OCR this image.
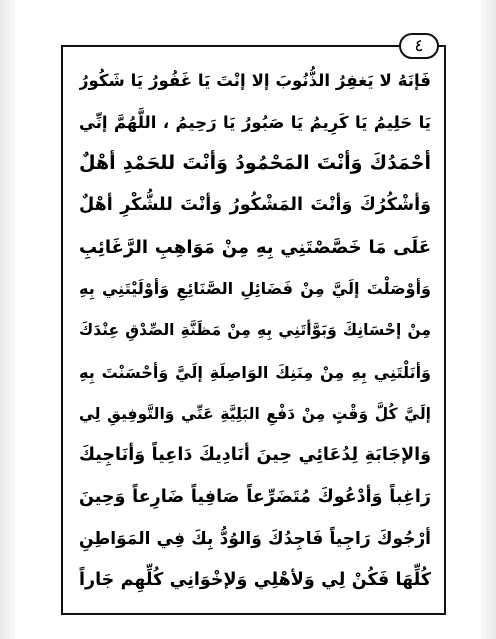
٤
فَإنَهُ لا يَغفِرُ الذُّنُوبَ إلا إنْتَ يَا غَفُورُ يَا شَكُورُ
يَا حَلِيمُ يَا كَرِيمُ يَا صَبُورُ يَا رَحِيمُ ، اللَّهُمَّ إنِّي
أحْمَدُكَ وَأنْتَ المَحْمُودُ وَأنْتَ للحَمْدِ أهْلٌ
وَأشْكُرُكَ وَأنْتَ المَشْكُورُ وَأنْتَ للشُّكْرِ أهْلٌ
عَلَى مَا خَصَّصْتَنِي بِهِ مِنْ مَوَاهِبِ الرَّغَائِبِ
وَأوْصَلْتَ إلَيَّ مِنْ فَضَائِلِ الصَّنَائِعِ وَأوْلَيْتَنِي بِهِ
مِنْ إحْسَانِكَ وَبَوَّأتَنِي بِهِ مِنْ مَظَنَّةِ الصِّدْقِ عِنْدَكَ
وَأنَلْتَنِي بِهِ مِنْ مِنَنِكَ الوَاصِلَةِ إلَيَّ وَأحْسَنْتَ بِهِ
إلَيَّ كُلَّ وَقْتٍ مِنْ دَفْعِ البَلِيَّةِ عَنِّي وَالتَّوفِيقِ لِي
وَالإجَابَةِ لِدُعَائِي حِينَ أنَادِيكَ دَاعِياً وَأنَاجِيكَ
رَاغِباً وَأدْعُوكَ مُتَضَرِّعاً صَافِياً ضَارِعاً وَحِينَ
أرْجُوكَ رَاجِياً فَاجِدُكَ وَالوُدُّ بِكَ فِي المَوَاطِنِ
كُلِّهَا فَكُنْ لِي وَلأهْلِي وَلإخْوَانِي كُلِّهِم جَاراً
